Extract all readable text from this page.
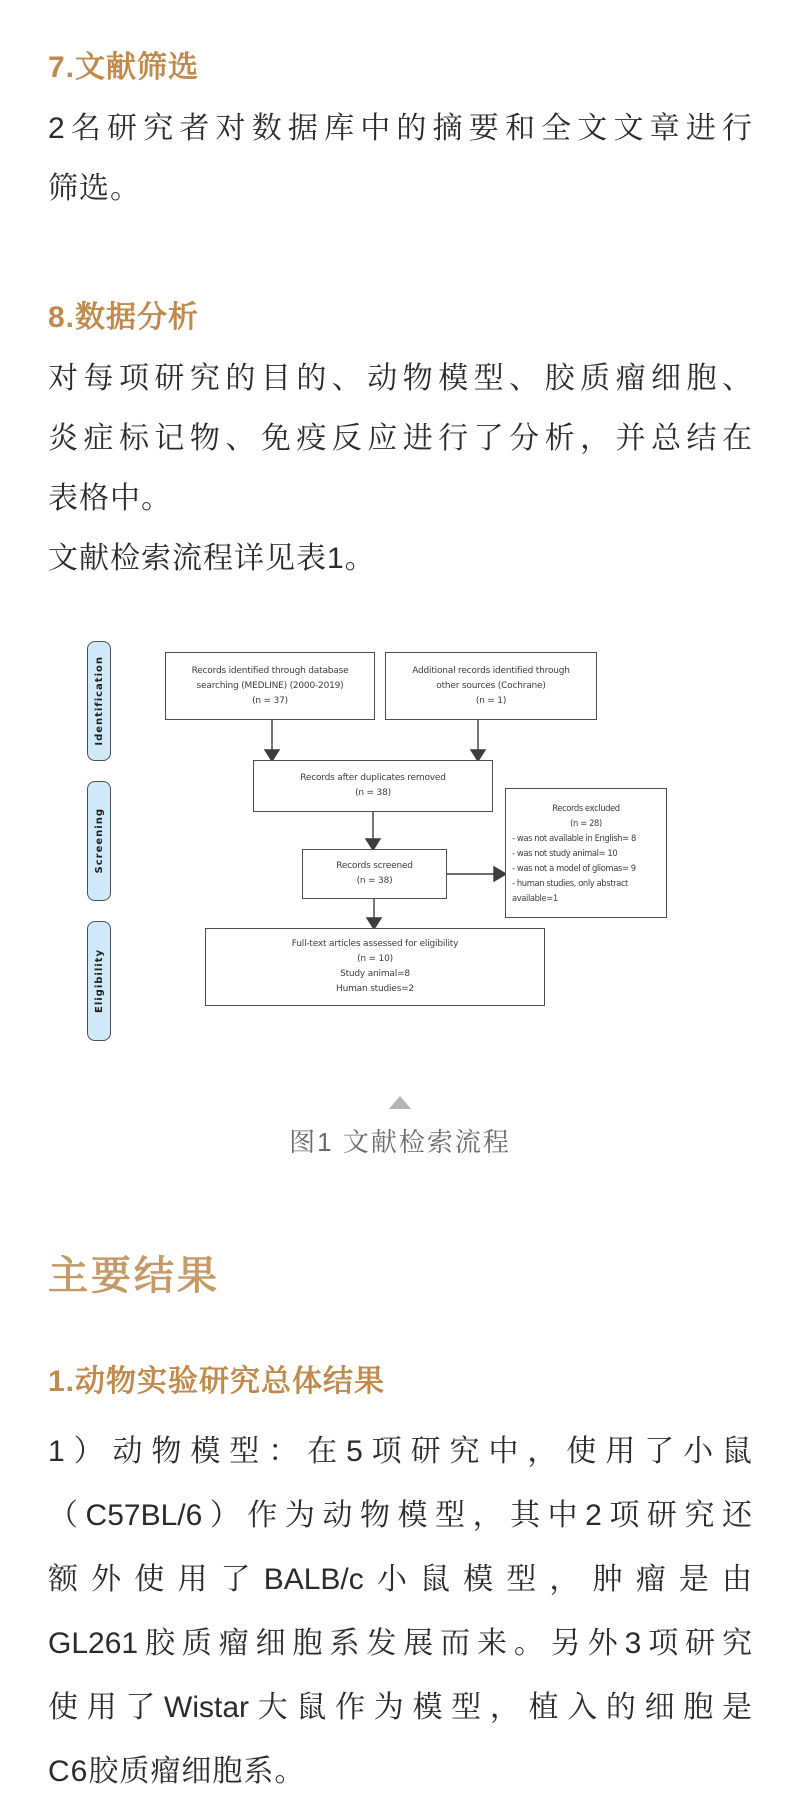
7.文献筛选
2名研究者对数据库中的摘要和全文文章进行
筛选。
8.数据分析
对每项研究的目的、动物模型、胶质瘤细胞、
炎症标记物、免疫反应进行了分析，并总结在
表格中。
文献检索流程详见表1。
Identification
Screening
Eligibility
Records identified through database
searching (MEDLINE) (2000-2019)
(n = 37)
Additional records identified through
other sources (Cochrane)
(n = 1)
Records after duplicates removed
(n = 38)
Records screened
(n = 38)
Records excluded
(n = 28)
- was not available in English= 8
- was not study animal= 10
- was not a model of gliomas= 9
- human studies, only abstract
available=1
Full-text articles assessed for eligibility
(n = 10)
Study animal=8
Human studies=2
图1 文献检索流程
主要结果
1.动物实验研究总体结果
1）动物模型：在5项研究中，使用了小鼠
（C57BL/6）作为动物模型，其中2项研究还
额外使用了BALB/c小鼠模型，肿瘤是由
GL261胶质瘤细胞系发展而来。另外3项研究
使用了Wistar大鼠作为模型，植入的细胞是
C6胶质瘤细胞系。
